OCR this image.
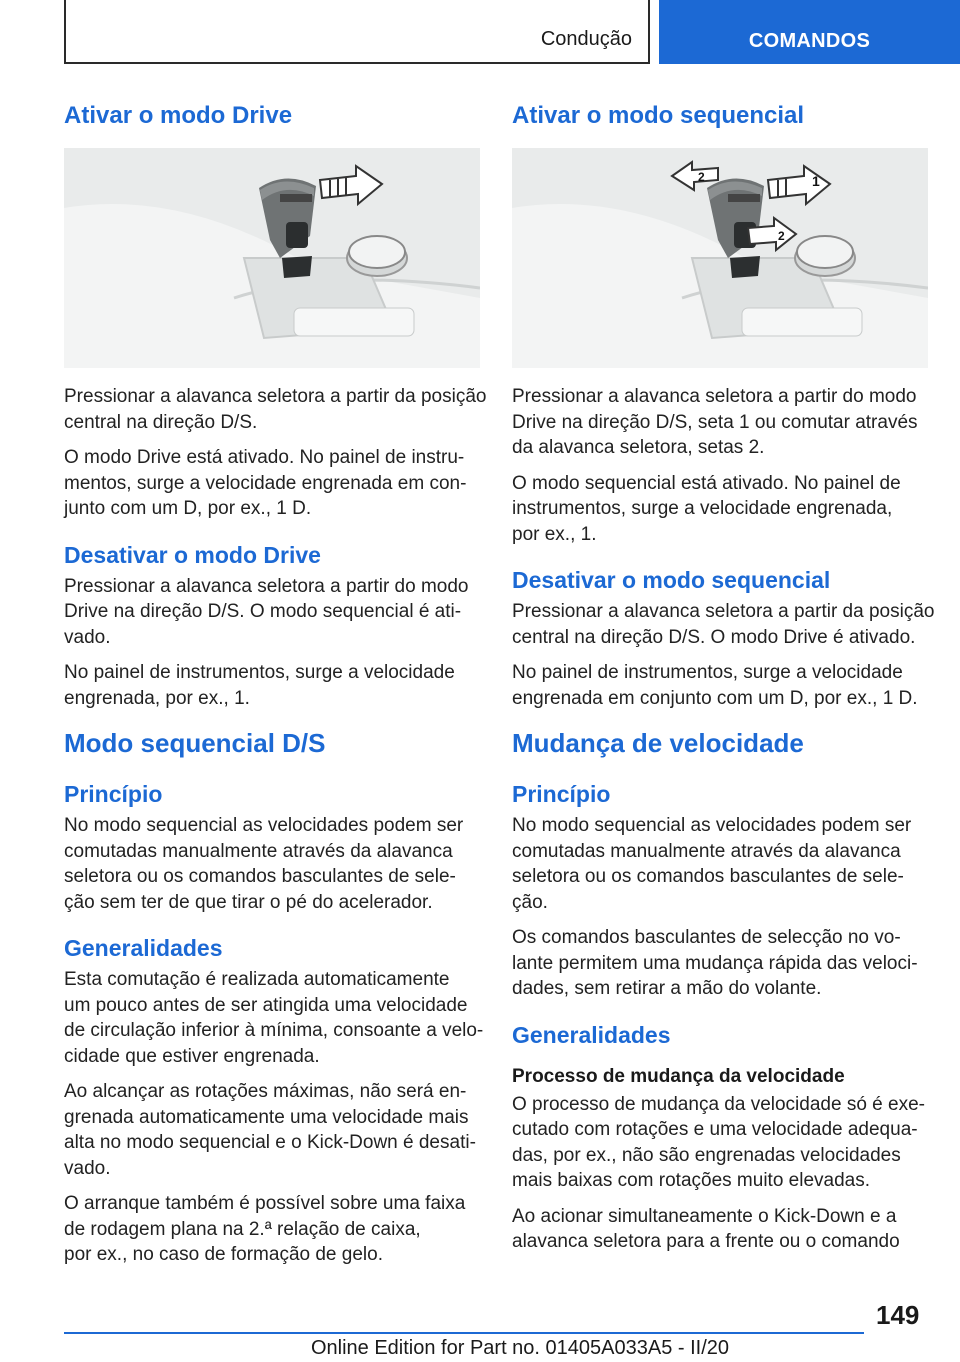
Condução	COMANDOS
Ativar o modo Drive

Pressionar a alavanca seletora a partir da posição
central na direção D/S.

O modo Drive está ativado. No painel de instru-
mentos, surge a velocidade engrenada em con-
junto com um D, por ex., 1 D.

Desativar o modo Drive

Pressionar a alavanca seletora a partir do modo
Drive na direção D/S. O modo sequencial é ati-
vado.

No painel de instrumentos, surge a velocidade
engrenada, por ex., 1.

Modo sequencial D/S
Princípio

No modo sequencial as velocidades podem ser
comutadas manualmente através da alavanca
seletora ou os comandos basculantes de sele-
ção sem ter de que tirar o pé do acelerador.

Generalidades

Esta comutação é realizada automaticamente
um pouco antes de ser atingida uma velocidade
de circulação inferior à mínima, consoante a velo-
cidade que estiver engrenada.

Ao alcançar as rotações máximas, não será en-
grenada automaticamente uma velocidade mais
alta no modo sequencial e o Kick-Down é desati-
vado.

O arranque também é possível sobre uma faixa
de rodagem plana na 2.ª relação de caixa,
por ex., no caso de formação de gelo.

Ativar o modo sequencial
1
2
2

Pressionar a alavanca seletora a partir do modo
Drive na direção D/S, seta 1 ou comutar através
da alavanca seletora, setas 2.

O modo sequencial está ativado. No painel de
instrumentos, surge a velocidade engrenada,
por ex., 1.

Desativar o modo sequencial

Pressionar a alavanca seletora a partir da posição
central na direção D/S. O modo Drive é ativado.

No painel de instrumentos, surge a velocidade
engrenada em conjunto com um D, por ex., 1 D.

Mudança de velocidade
Princípio

No modo sequencial as velocidades podem ser
comutadas manualmente através da alavanca
seletora ou os comandos basculantes de sele-
ção.

Os comandos basculantes de selecção no vo-
lante permitem uma mudança rápida das veloci-
dades, sem retirar a mão do volante.

Generalidades
Processo de mudança da velocidade

O processo de mudança da velocidade só é exe-
cutado com rotações e uma velocidade adequa-
das, por ex., não são engrenadas velocidades
mais baixas com rotações muito elevadas.

Ao acionar simultaneamente o Kick-Down e a
alavanca seletora para a frente ou o comando

149
Online Edition for Part no. 01405A033A5 - II/20
